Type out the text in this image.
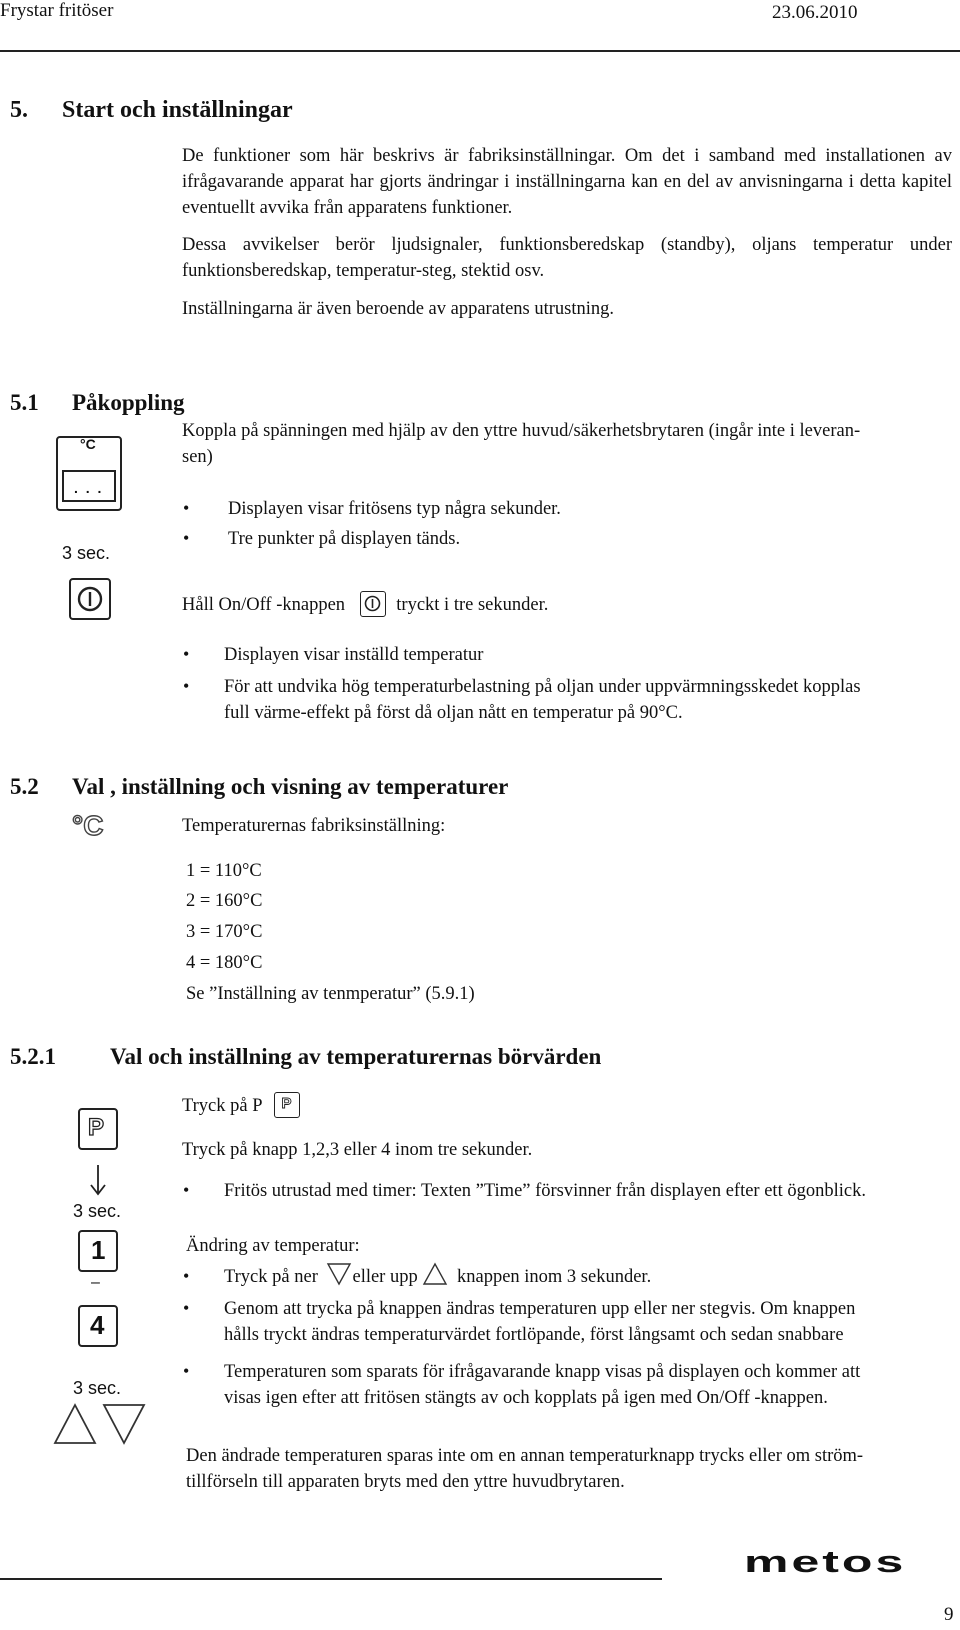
Frystar fritöser	23.06.2010
5. Start och inställningar
De funktioner som här beskrivs är fabriksinställningar. Om det i samband med installationen av ifrågavarande apparat har gjorts ändringar i inställningarna kan en del av anvisningarna i detta kapitel eventuellt avvika från apparatens funktioner.
Dessa avvikelser berör ljudsignaler, funktionsberedskap (standby), oljans temperatur under funktionsberedskap, temperatur-steg, stektid osv.
Inställningarna är även beroende av apparatens utrustning.
5.1 Påkoppling
°C
. . .
3 sec.
Koppla på spänningen med hjälp av den yttre huvud/säkerhetsbrytaren (ingår inte i leveran-
sen)
• Displayen visar fritösens typ några sekunder.
• Tre punkter på displayen tänds.
Håll On/Off -knappen	tryckt i tre sekunder.
• Displayen visar inställd temperatur
• För att undvika hög temperaturbelastning på oljan under uppvärmningsskedet kopplas
full värme-effekt på först då oljan nått en temperatur på 90°C.
5.2 Val , inställning och visning av temperaturer
°C	Temperaturernas fabriksinställning:
1 = 110°C
2 = 160°C
3 = 170°C
4 = 180°C
Se ”Inställning av tenmperatur” (5.9.1)
5.2.1 Val och inställning av temperaturernas börvärden
P
3 sec.
1
–
4
3 sec.
Tryck på P P
Tryck på knapp 1,2,3 eller 4 inom tre sekunder.
• Fritös utrustad med timer: Texten ”Time” försvinner från displayen efter ett ögonblick.
Ändring av temperatur:
• Tryck på ner eller upp knappen inom 3 sekunder.
• Genom att trycka på knappen ändras temperaturen upp eller ner stegvis. Om knappen
hålls tryckt ändras temperaturvärdet fortlöpande, först långsamt och sedan snabbare
• Temperaturen som sparats för ifrågavarande knapp visas på displayen och kommer att
visas igen efter att fritösen stängts av och kopplats på igen med On/Off -knappen.
Den ändrade temperaturen sparas inte om en annan temperaturknapp trycks eller om ström-
tillförseln till apparaten bryts med den yttre huvudbrytaren.
metos
9
